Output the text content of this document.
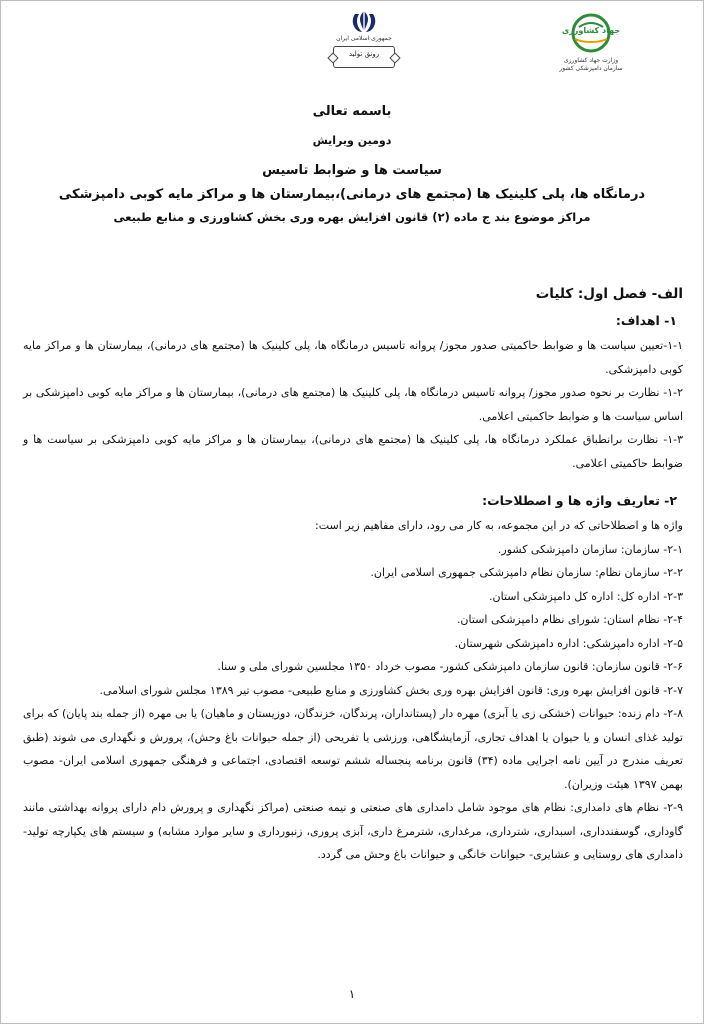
جمهوری اسلامی ایران
رونق تولید
جهاد کشاورزی
وزارت جهاد کشاورزی
سازمان دامپزشکی کشور
باسمه تعالی
دومین ویرایش
سیاست ها و ضوابط تاسیس
درمانگاه ها، پلی کلینیک ها (مجتمع های درمانی)،بیمارستان ها و مراکز مایه کوبی دامپزشکی
مراکز موضوع بند ج ماده (۲) قانون افزایش بهره وری بخش کشاورزی و منابع طبیعی

الف- فصل اول: کلیات

۱- اهداف:

۱-۱-تعیین سیاست ها و ضوابط حاکمیتی صدور مجوز/ پروانه تاسیس درمانگاه ها، پلی کلینیک ها (مجتمع های درمانی)، بیمارستان ها و مراکز مایه کوبی دامپزشکی.

۱-۲- نظارت بر نحوه صدور مجوز/ پروانه تاسیس درمانگاه ها، پلی کلینیک ها (مجتمع های درمانی)، بیمارستان ها و مراکز مایه کوبی دامپزشکی بر اساس سیاست ها و ضوابط حاکمیتی اعلامی.

۱-۳- نظارت برانطباق عملکرد درمانگاه ها، پلی کلینیک ها (مجتمع های درمانی)، بیمارستان ها و مراکز مایه کوبی دامپزشکی بر سیاست ها و ضوابط حاکمیتی اعلامی.

۲- تعاریف واژه ها و اصطلاحات:

واژه ها و اصطلاحاتی که در این مجموعه، به کار می رود، دارای مفاهیم زیر است:

۲-۱- سازمان: سازمان دامپزشکی کشور.

۲-۲- سازمان نظام: سازمان نظام دامپزشکی جمهوری اسلامی ایران.

۲-۳- اداره کل: اداره کل دامپزشکی استان.

۲-۴- نظام استان: شورای نظام دامپزشکی استان.

۲-۵- اداره دامپزشکی: اداره دامپزشکی شهرستان.

۲-۶- قانون سازمان: قانون سازمان دامپزشکی کشور- مصوب خرداد ۱۳۵۰ مجلسین شورای ملی و سنا.

۲-۷- قانون افزایش بهره وری: قانون افزایش بهره وری بخش کشاورزی و منابع طبیعی- مصوب تیر ۱۳۸۹ مجلس شورای اسلامی.

۲-۸- دام زنده: حیوانات (خشکی زی یا آبزی) مهره دار (پستانداران، پرندگان، خزندگان، دوزیستان و ماهیان) یا بی مهره (از جمله بند پایان) که برای تولید غذای انسان و یا حیوان یا اهداف تجاری، آزمایشگاهی، ورزشی یا تفریحی (از جمله حیوانات باغ وحش)، پرورش و نگهداری می شوند (طبق تعریف مندرج در آیین نامه اجرایی ماده (۳۴) قانون برنامه پنجساله ششم توسعه اقتصادی، اجتماعی و فرهنگی جمهوری اسلامی ایران- مصوب بهمن ۱۳۹۷ هیئت وزیران).

۲-۹- نظام های دامداری: نظام های موجود شامل دامداری های صنعتی و نیمه صنعتی (مراکز نگهداری و پرورش دام دارای پروانه بهداشتی مانند گاوداری، گوسفندداری، اسبداری، شترداری، مرغداری، شترمرغ داری، آبزی پروری، زنبورداری و سایر موارد مشابه) و سیستم های یکپارچه تولید- دامداری های روستایی و عشایری- حیوانات خانگی و حیوانات باغ وحش می گردد.

۱
